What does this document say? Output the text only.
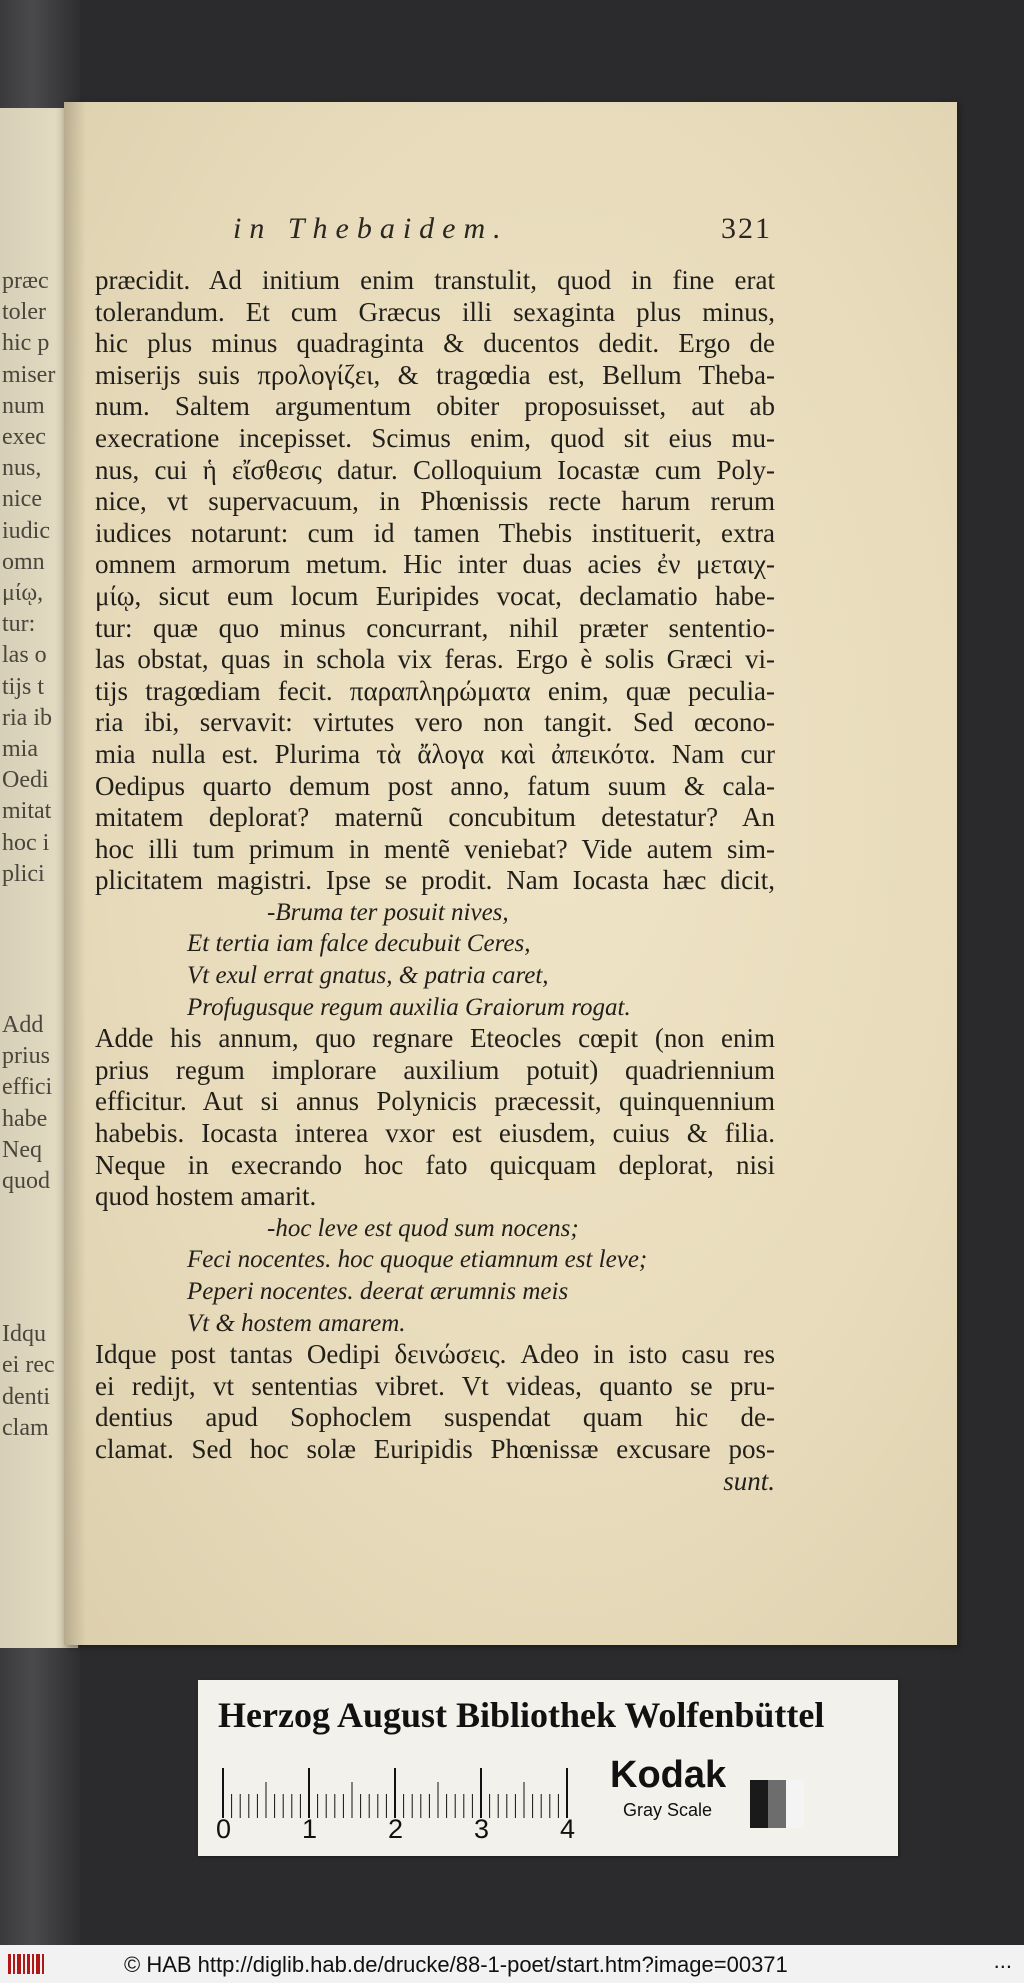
præc
toler
hic p
miser
num
exec
nus,
nice
iudic
omn
μίῳ,
tur:
las o
tijs t
ria ib
mia
Oedi
mitat
hoc i
plici
Add
prius
effici
habe
Neq
quod
Idqu
ei rec
denti
clam
in Thebaidem.	321
præcidit. Ad initium enim transtulit, quod in fine erat
tolerandum. Et cum Græcus illi sexaginta plus minus,
hic plus minus quadraginta & ducentos dedit. Ergo de
miserijs suis προλογίζει, & tragœdia est, Bellum Theba-
num. Saltem argumentum obiter proposuisset, aut ab
execratione incepisset. Scimus enim, quod sit eius mu-
nus, cui ἡ εἴσθεσις datur. Colloquium Iocastæ cum Poly-
nice, vt supervacuum, in Phœnissis recte harum rerum
iudices notarunt: cum id tamen Thebis instituerit, extra
omnem armorum metum. Hic inter duas acies ἐν μεταιχ-
μίῳ, sicut eum locum Euripides vocat, declamatio habe-
tur: quæ quo minus concurrant, nihil præter sententio-
las obstat, quas in schola vix feras. Ergo è solis Græci vi-
tijs tragœdiam fecit. παραπληρώματα enim, quæ peculia-
ria ibi, servavit: virtutes vero non tangit. Sed œcono-
mia nulla est. Plurima τὰ ἄλογα καὶ ἀπεικότα. Nam cur
Oedipus quarto demum post anno, fatum suum & cala-
mitatem deplorat? maternũ concubitum detestatur? An
hoc illi tum primum in mentẽ veniebat? Vide autem sim-
plicitatem magistri. Ipse se prodit. Nam Iocasta hæc dicit,
-Bruma ter posuit nives,
Et tertia iam falce decubuit Ceres,
Vt exul errat gnatus, & patria caret,
Profugusque regum auxilia Graiorum rogat.
Adde his annum, quo regnare Eteocles cœpit (non enim
prius regum implorare auxilium potuit) quadriennium
efficitur. Aut si annus Polynicis præcessit, quinquennium
habebis. Iocasta interea vxor est eiusdem, cuius & filia.
Neque in execrando hoc fato quicquam deplorat, nisi
quod hostem amarit.
-hoc leve est quod sum nocens;
Feci nocentes. hoc quoque etiamnum est leve;
Peperi nocentes. deerat ærumnis meis
Vt & hostem amarem.
Idque post tantas Oedipi δεινώσεις. Adeo in isto casu res
ei redijt, vt sententias vibret. Vt videas, quanto se pru-
dentius apud Sophoclem suspendat quam hic de-
clamat. Sed hoc solæ Euripidis Phœnissæ excusare pos-
sunt.
Herzog August Bibliothek Wolfenbüttel
0	1	2	3	4
Kodak
Gray Scale
© HAB http://diglib.hab.de/drucke/88-1-poet/start.htm?image=00371	...
